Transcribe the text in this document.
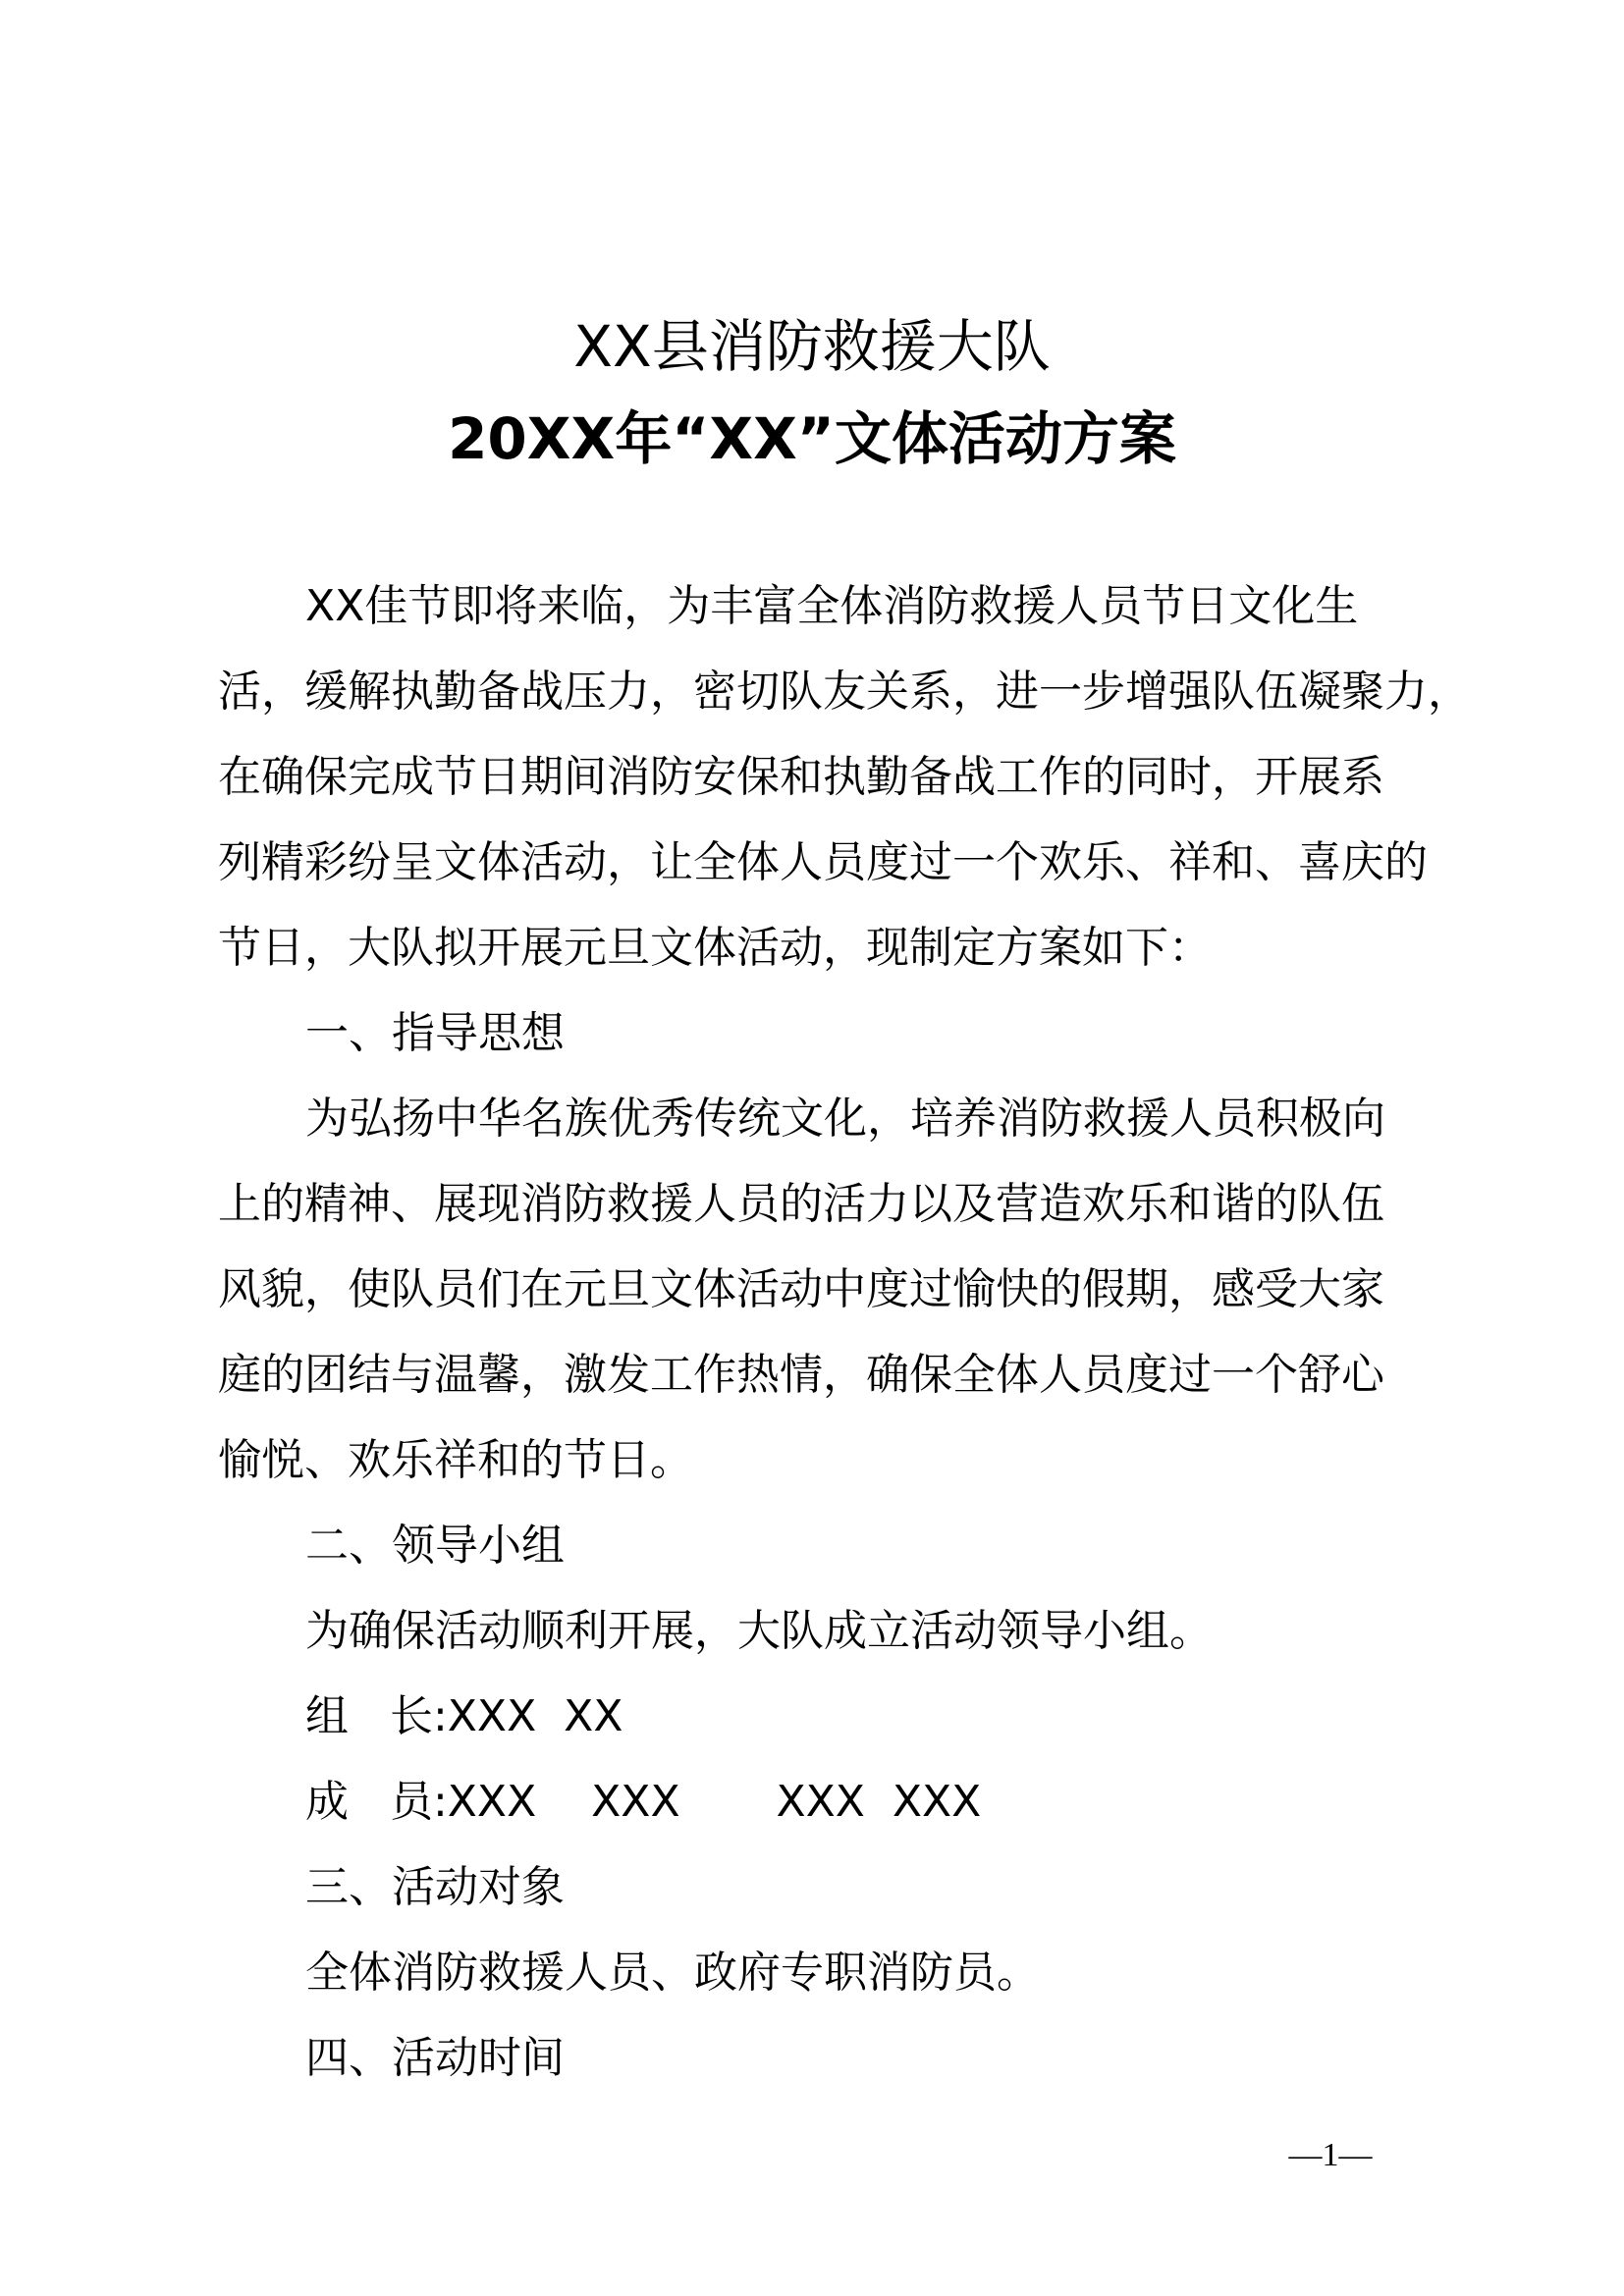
XX县消防救援大队
20XX年“XX”文体活动方案
XX佳节即将来临，为丰富全体消防救援人员节日文化生
活，缓解执勤备战压力，密切队友关系，进一步增强队伍凝聚力，
在确保完成节日期间消防安保和执勤备战工作的同时，开展系
列精彩纷呈文体活动，让全体人员度过一个欢乐、祥和、喜庆的
节日，大队拟开展元旦文体活动，现制定方案如下：
一、指导思想
为弘扬中华名族优秀传统文化，培养消防救援人员积极向
上的精神、展现消防救援人员的活力以及营造欢乐和谐的队伍
风貌，使队员们在元旦文体活动中度过愉快的假期，感受大家
庭的团结与温馨，激发工作热情，确保全体人员度过一个舒心
愉悦、欢乐祥和的节日。
二、领导小组
为确保活动顺利开展，大队成立活动领导小组。
组   长:XXX  XX
成   员:XXX    XXX       XXX  XXX
三、活动对象
全体消防救援人员、政府专职消防员。
四、活动时间
—1—
